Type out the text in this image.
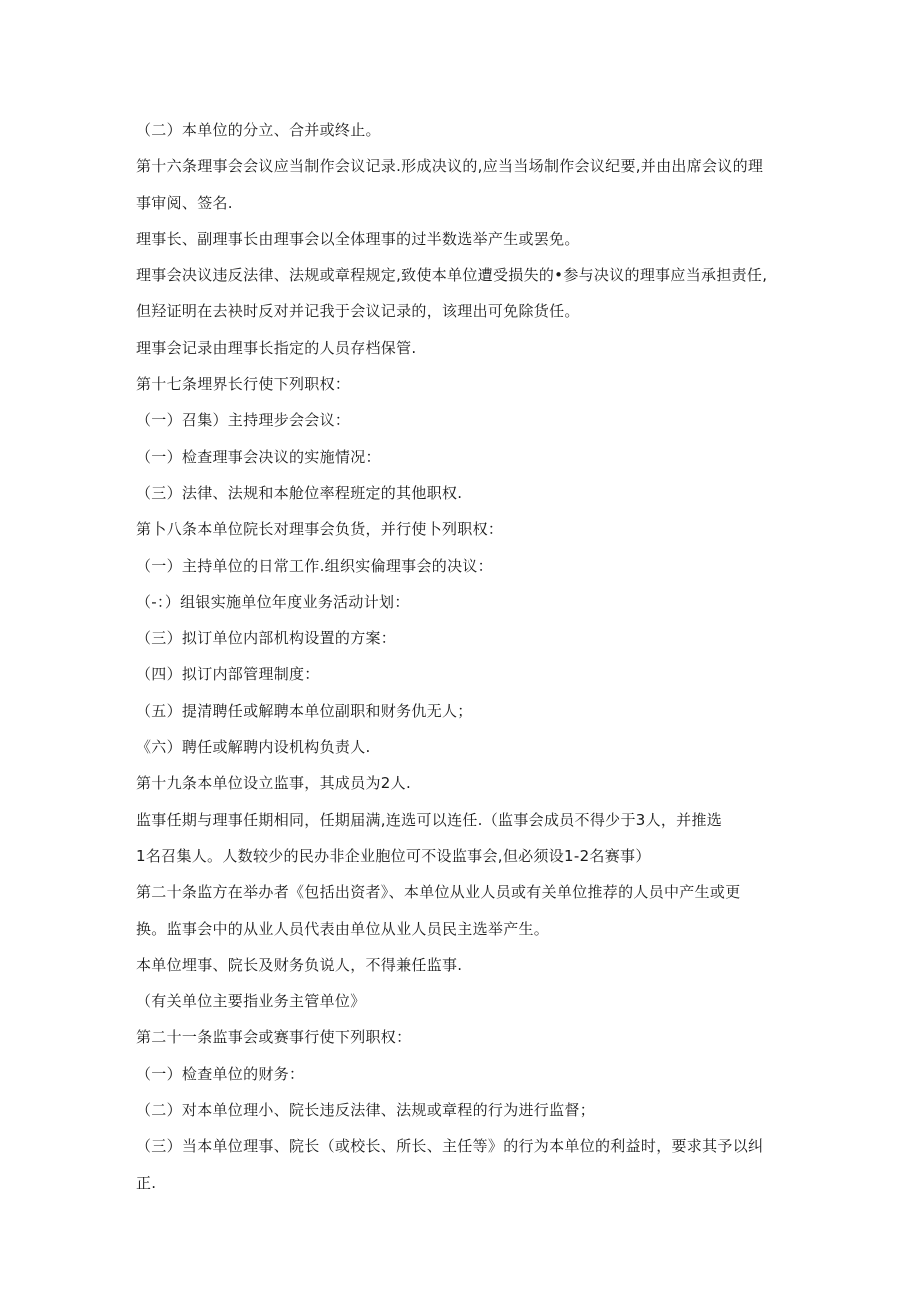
（二）本单位的分立、合并或终止。
第十六条理事会会议应当制作会议记录.形成决议的,应当当场制作会议纪要,并由出席会议的理
事审阅、签名.
理事长、副理事长由理事会以全体理事的过半数选举产生或罢免。
理事会决议违反法律、法规或章程规定,致使本单位遭受损失的•参与决议的理事应当承担责任,
但羟证明在去袂时反对并记我于会议记录的，该理出可免除货任。
理事会记录由理事长指定的人员存档保管.
第十七条埋界长行使下列职权：
（一）召集）主持理步会会议：
（一）检查理事会决议的实施情况：
（三）法律、法规和本舱位率程班定的其他职权.
第卜八条本单位院长对理事会负货，并行使卜列职权：
（一）主持单位的日常工作.组织实倫理事会的决议：
（-：）组银实施单位年度业务活动计划：
（三）拟订单位内部机构设置的方案：
（四）拟订内部管理制度：
（五）提清聘任或解聘本单位副职和财务仇无人；
《六）聘任或解聘内设机构负责人.
第十九条本单位设立监事，其成员为2人.
监事任期与理事任期相同，任期届满,连选可以连任.（监事会成员不得少于3人，并推选
1名召集人。人数较少的民办非企业胞位可不设监事会,但必须设1-2名赛事）
第二十条监方在举办者《包括出资者》、本单位从业人员或有关单位推荐的人员中产生或更
换。监事会中的从业人员代表由单位从业人员民主选举产生。
本单位埋事、院长及财务负说人，不得兼任监事.
（有关单位主要指业务主管单位》
第二十一条监事会或赛事行使下列职权：
（一）检查单位的财务：
（二）对本单位理小、院长违反法律、法规或章程的行为进行监督；
（三）当本单位理事、院长（或校长、所长、主任等》的行为本单位的利益时，要求其予以纠
正.
